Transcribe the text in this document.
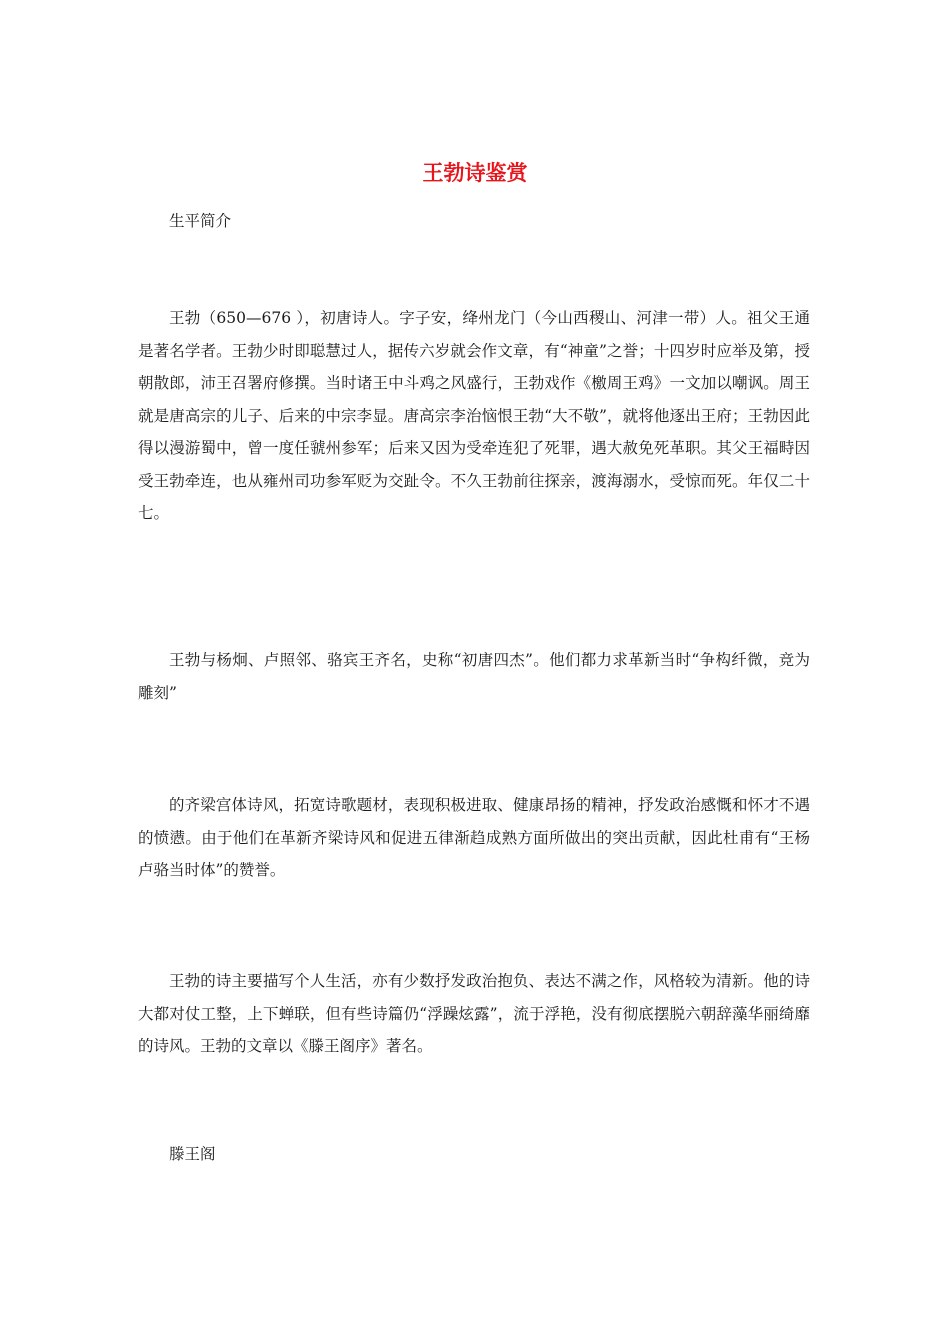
王勃诗鉴赏
生平简介
王勃（650—676 ），初唐诗人。字子安，绛州龙门（今山西稷山、河津一带）人。祖父王通是著名学者。王勃少时即聪慧过人，据传六岁就会作文章，有“神童”之誉；十四岁时应举及第，授朝散郎，沛王召署府修撰。当时诸王中斗鸡之风盛行，王勃戏作《檄周王鸡》一文加以嘲讽。周王就是唐高宗的儿子、后来的中宗李显。唐高宗李治恼恨王勃“大不敬”，就将他逐出王府；王勃因此得以漫游蜀中，曾一度任虢州参军；后来又因为受牵连犯了死罪，遇大赦免死革职。其父王福畤因受王勃牵连，也从雍州司功参军贬为交趾令。不久王勃前往探亲，渡海溺水，受惊而死。年仅二十七。
王勃与杨炯、卢照邻、骆宾王齐名，史称“初唐四杰”。他们都力求革新当时“争构纤微，竞为雕刻”
的齐梁宫体诗风，拓宽诗歌题材，表现积极进取、健康昂扬的精神，抒发政治感慨和怀才不遇的愤懑。由于他们在革新齐梁诗风和促进五律渐趋成熟方面所做出的突出贡献，因此杜甫有“王杨卢骆当时体”的赞誉。
王勃的诗主要描写个人生活，亦有少数抒发政治抱负、表达不满之作，风格较为清新。他的诗大都对仗工整，上下蝉联，但有些诗篇仍“浮躁炫露”，流于浮艳，没有彻底摆脱六朝辞藻华丽绮靡的诗风。王勃的文章以《滕王阁序》著名。
滕王阁
